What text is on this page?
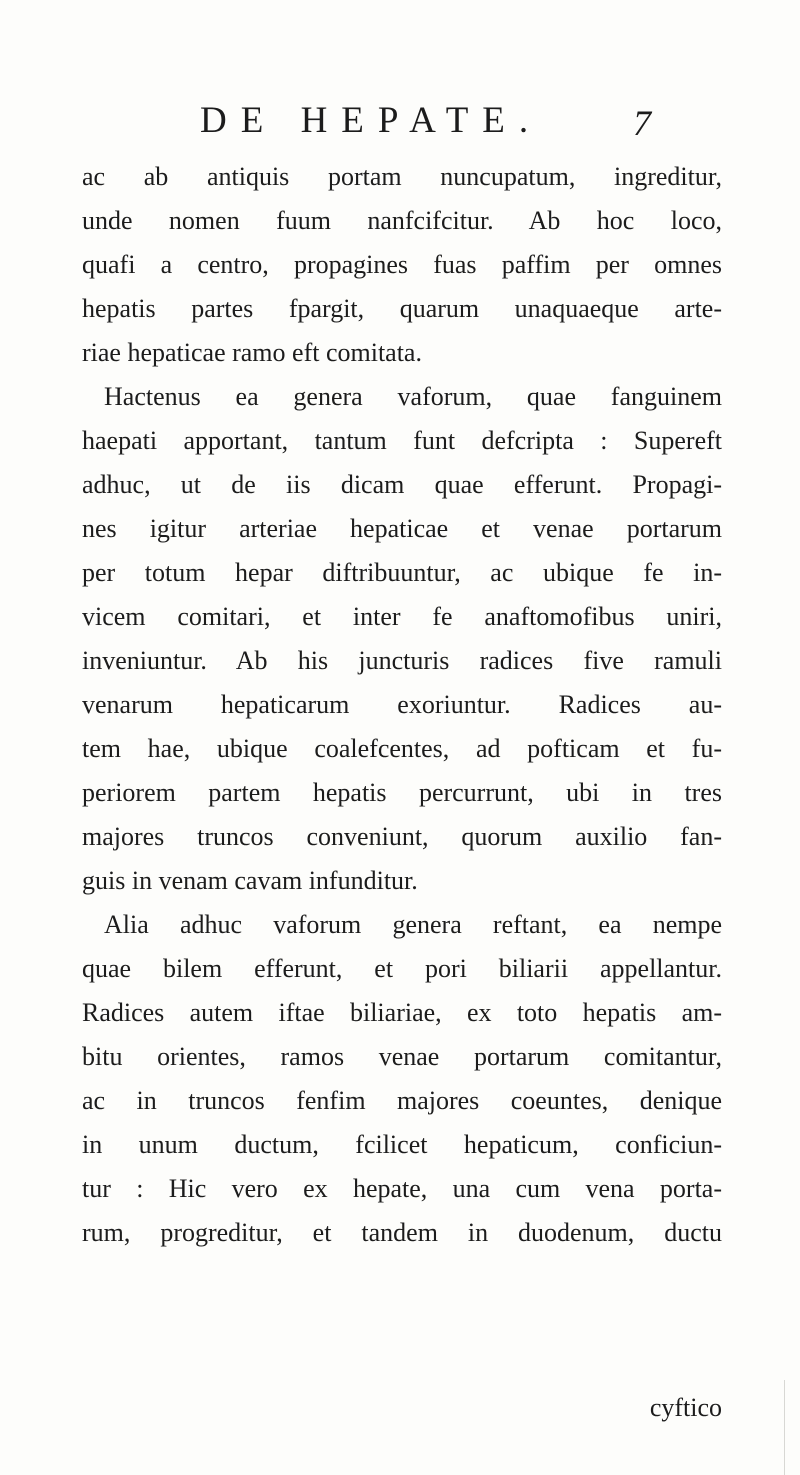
DE HEPATE.	7
ac ab antiquis portam nuncupatum, ingreditur,
unde nomen fuum nanfcifcitur. Ab hoc loco,
quafi a centro, propagines fuas paffim per omnes
hepatis partes fpargit, quarum unaquaeque arte-
riae hepaticae ramo eft comitata.
Hactenus ea genera vaforum, quae fanguinem
haepati apportant, tantum funt defcripta : Supereft
adhuc, ut de iis dicam quae efferunt. Propagi-
nes igitur arteriae hepaticae et venae portarum
per totum hepar diftribuuntur, ac ubique fe in-
vicem comitari, et inter fe anaftomofibus uniri,
inveniuntur. Ab his juncturis radices five ramuli
venarum hepaticarum exoriuntur. Radices au-
tem hae, ubique coalefcentes, ad pofticam et fu-
periorem partem hepatis percurrunt, ubi in tres
majores truncos conveniunt, quorum auxilio fan-
guis in venam cavam infunditur.
Alia adhuc vaforum genera reftant, ea nempe
quae bilem efferunt, et pori biliarii appellantur.
Radices autem iftae biliariae, ex toto hepatis am-
bitu orientes, ramos venae portarum comitantur,
ac in truncos fenfim majores coeuntes, denique
in unum ductum, fcilicet hepaticum, conficiun-
tur : Hic vero ex hepate, una cum vena porta-
rum, progreditur, et tandem in duodenum, ductu
cyftico
